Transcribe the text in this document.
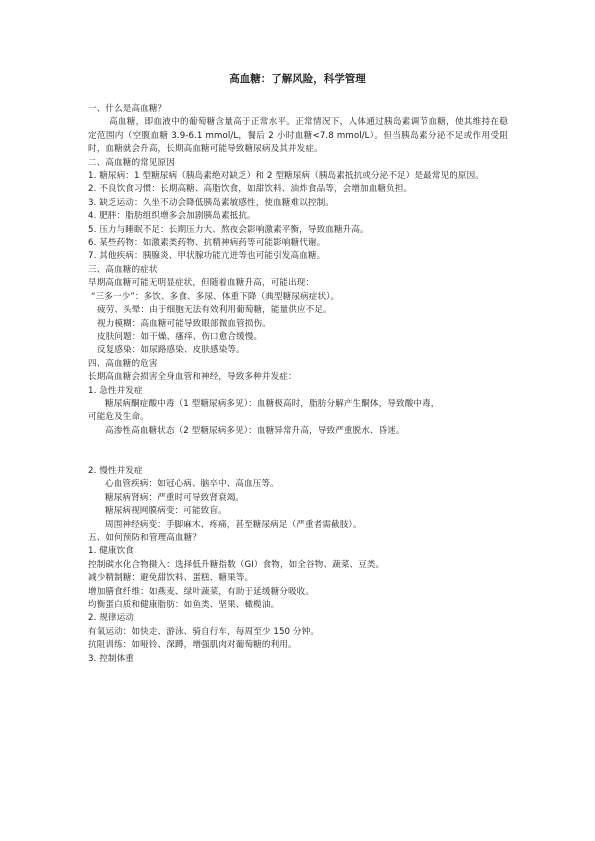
高血糖：了解风险，科学管理
一、什么是高血糖？
高血糖，即血液中的葡萄糖含量高于正常水平。正常情况下，人体通过胰岛素调节血糖，使其维持在稳定范围内（空腹血糖 3.9-6.1 mmol/L，餐后 2 小时血糖<7.8 mmol/L）。但当胰岛素分泌不足或作用受阻时，血糖就会升高，长期高血糖可能导致糖尿病及其并发症。
二、高血糖的常见原因
1. 糖尿病：1 型糖尿病（胰岛素绝对缺乏）和 2 型糖尿病（胰岛素抵抗或分泌不足）是最常见的原因。
2. 不良饮食习惯：长期高糖、高脂饮食，如甜饮料、油炸食品等，会增加血糖负担。
3. 缺乏运动：久坐不动会降低胰岛素敏感性，使血糖难以控制。
4. 肥胖：脂肪组织增多会加剧胰岛素抵抗。
5. 压力与睡眠不足：长期压力大、熬夜会影响激素平衡，导致血糖升高。
6. 某些药物：如激素类药物、抗精神病药等可能影响糖代谢。
7. 其他疾病：胰腺炎、甲状腺功能亢进等也可能引发高血糖。
三、高血糖的症状
早期高血糖可能无明显症状，但随着血糖升高，可能出现：
“三多一少”：多饮、多食、多尿、体重下降（典型糖尿病症状）。
疲劳、头晕：由于细胞无法有效利用葡萄糖，能量供应不足。
视力模糊：高血糖可能导致眼部微血管损伤。
皮肤问题：如干燥、瘙痒、伤口愈合缓慢。
反复感染：如尿路感染、皮肤感染等。
四、高血糖的危害
长期高血糖会损害全身血管和神经，导致多种并发症：
1. 急性并发症
糖尿病酮症酸中毒（1 型糖尿病多见）：血糖极高时，脂肪分解产生酮体，导致酸中毒，
可能危及生命。
高渗性高血糖状态（2 型糖尿病多见）：血糖异常升高，导致严重脱水、昏迷。
2. 慢性并发症
心血管疾病：如冠心病、脑卒中、高血压等。
糖尿病肾病：严重时可导致肾衰竭。
糖尿病视网膜病变：可能致盲。
周围神经病变：手脚麻木、疼痛，甚至糖尿病足（严重者需截肢）。
五、如何预防和管理高血糖？
1. 健康饮食
控制碳水化合物摄入：选择低升糖指数（GI）食物，如全谷物、蔬菜、豆类。
减少精制糖：避免甜饮料、蛋糕、糖果等。
增加膳食纤维：如燕麦、绿叶蔬菜，有助于延缓糖分吸收。
均衡蛋白质和健康脂肪：如鱼类、坚果、橄榄油。
2. 规律运动
有氧运动：如快走、游泳、骑自行车，每周至少 150 分钟。
抗阻训练：如哑铃、深蹲，增强肌肉对葡萄糖的利用。
3. 控制体重
